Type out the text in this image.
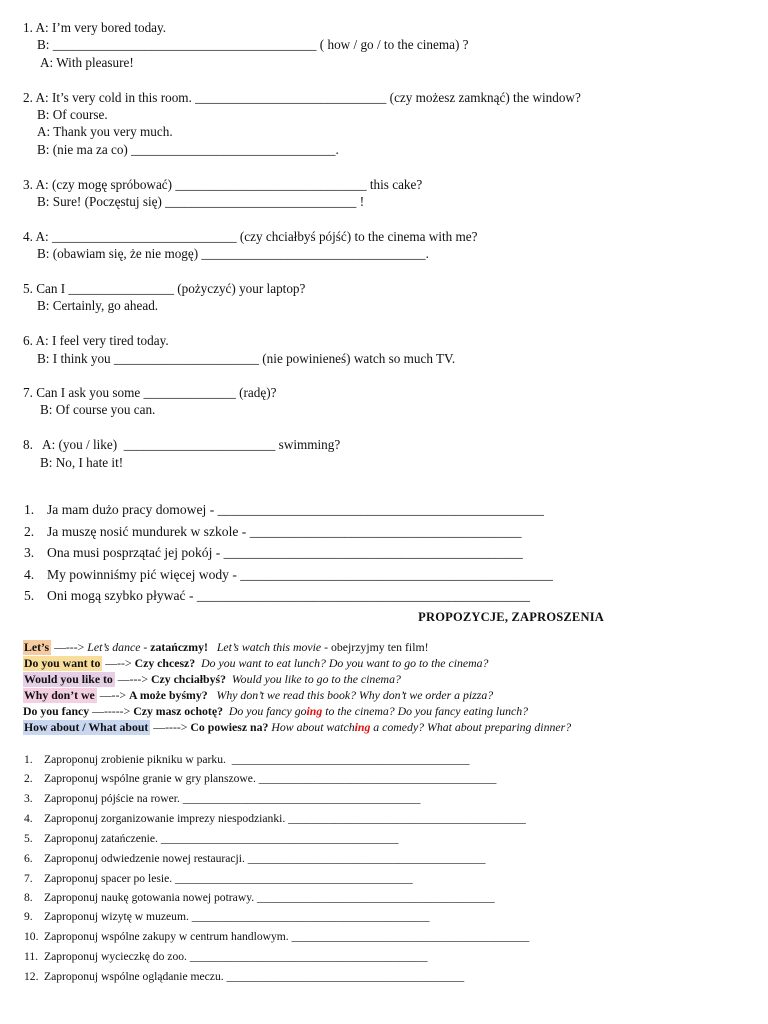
1. A: I’m very bored today.
B: ________________________________________ ( how / go / to the cinema) ?
A: With pleasure!
2. A: It’s very cold in this room. _____________________________ (czy możesz zamknąć) the window?
B: Of course.
A: Thank you very much.
B: (nie ma za co) _______________________________.
3. A: (czy mogę spróbować) _____________________________ this cake?
B: Sure! (Poczęstuj się) _____________________________ !
4. A: ____________________________ (czy chciałbyś pójść) to the cinema with me?
B: (obawiam się, że nie mogę) __________________________________.
5. Can I ________________ (pożyczyć) your laptop?
B: Certainly, go ahead.
6. A: I feel very tired today.
B: I think you ______________________ (nie powinieneś) watch so much TV.
7. Can I ask you some ______________ (radę)?
B: Of course you can.
8.   A: (you / like)  _______________________ swimming?
B: No, I hate it!
1. Ja mam dużo pracy domowej - ________________________________________________
2. Ja muszę nosić mundurek w szkole - ________________________________________
3. Ona musi posprzątać jej pokój - ____________________________________________
4. My powinniśmy pić więcej wody - ______________________________________________
5. Oni mogą szybko pływać - _________________________________________________
PROPOZYCJE, ZAPROSZENIA
Let’s —---> Let’s dance - zatańczmy! Let’s watch this movie - obejrzyjmy ten film!
Do you want to —--> Czy chcesz? Do you want to eat lunch? Do you want to go to the cinema?
Would you like to —---> Czy chciałbyś? Would you like to go to the cinema?
Why don’t we —--> A może byśmy? Why don’t we read this book? Why don’t we order a pizza?
Do you fancy —-----> Czy masz ochotę? Do you fancy going to the cinema? Do you fancy eating lunch?
How about / What about —----> Co powiesz na? How about watching a comedy? What about preparing dinner?
1. Zaproponuj zrobienie pikniku w parku.  _________________________________________
2. Zaproponuj wspólne granie w gry planszowe. _________________________________________
3. Zaproponuj pójście na rower. _________________________________________
4. Zaproponuj zorganizowanie imprezy niespodzianki. _________________________________________
5. Zaproponuj zatańczenie. _________________________________________
6. Zaproponuj odwiedzenie nowej restauracji. _________________________________________
7. Zaproponuj spacer po lesie. _________________________________________
8. Zaproponuj naukę gotowania nowej potrawy. _________________________________________
9. Zaproponuj wizytę w muzeum. _________________________________________
10. Zaproponuj wspólne zakupy w centrum handlowym. _________________________________________
11. Zaproponuj wycieczkę do zoo. _________________________________________
12. Zaproponuj wspólne oglądanie meczu. _________________________________________
